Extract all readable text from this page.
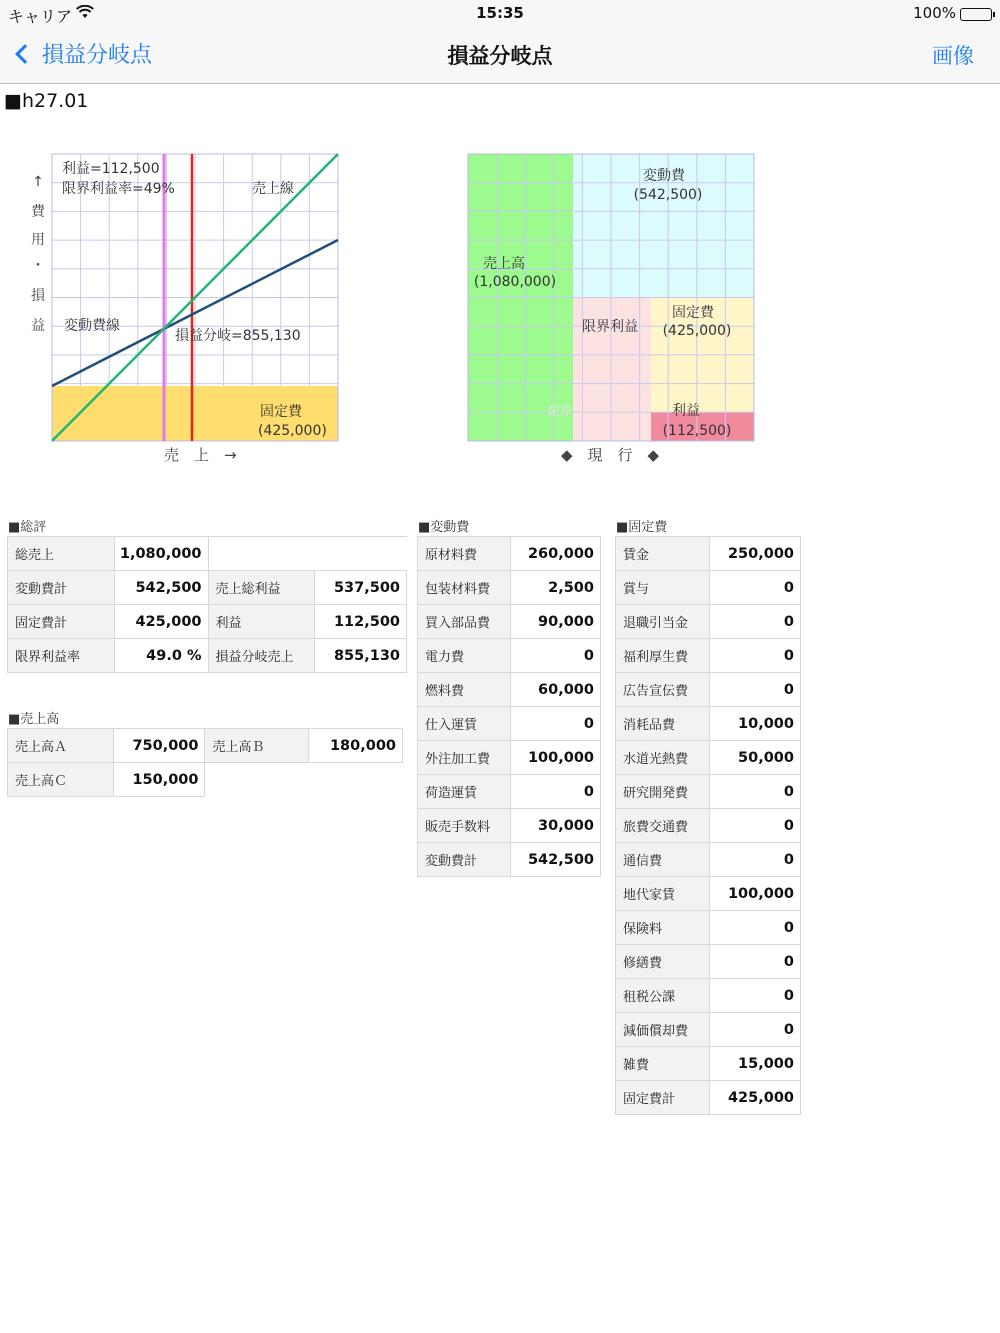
キャリア	15:35	100%
損益分岐点	損益分岐点	画像
■h27.01
利益=112,500
限界利益率=49%	売上線
変動費線
損益分岐=855,130
固定費
(425,000)
↑
費
用
・
損
益
売　上　→
変動費
(542,500)
売上高
(1,080,000)
限界利益
固定費
(425,000)
限界	利益
(112,500)
◆　現　行　◆
■総評
総売上	1,080,000		
変動費計	542,500	売上総利益	537,500
固定費計	425,000	利益	112,500
限界利益率	49.0 %	損益分岐売上	855,130
■売上高
売上高Ａ	750,000	売上高Ｂ	180,000
売上高Ｃ	150,000		
■変動費
原材料費	260,000
包装材料費	2,500
買入部品費	90,000
電力費	0
燃料費	60,000
仕入運賃	0
外注加工費	100,000
荷造運賃	0
販売手数料	30,000
変動費計	542,500
■固定費
賃金	250,000
賞与	0
退職引当金	0
福利厚生費	0
広告宣伝費	0
消耗品費	10,000
水道光熱費	50,000
研究開発費	0
旅費交通費	0
通信費	0
地代家賃	100,000
保険料	0
修繕費	0
租税公課	0
減価償却費	0
雑費	15,000
固定費計	425,000
